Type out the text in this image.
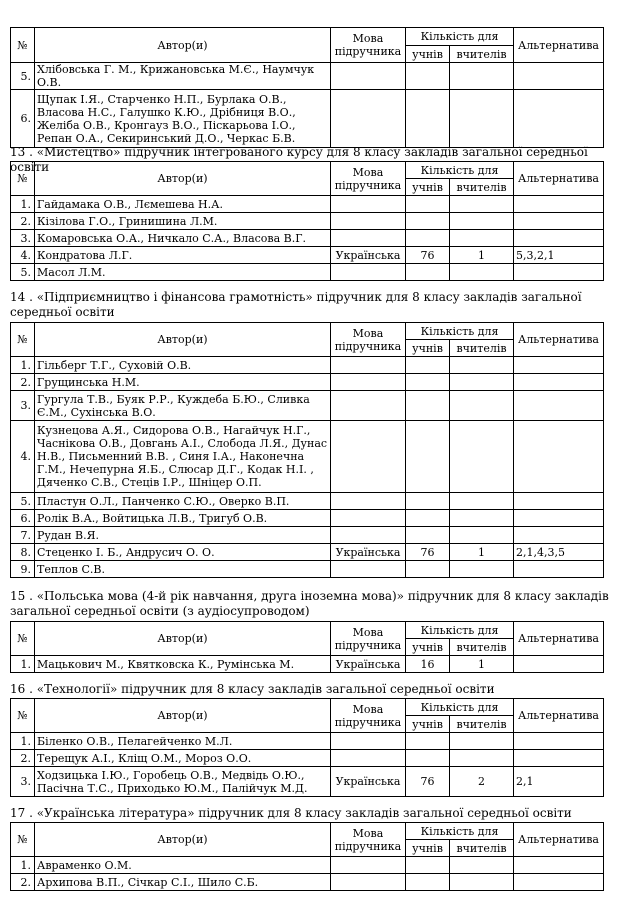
№	Автор(и)	Мова підручника	Кількість для		Альтернатива
			учнів	вчителів	
5.	Хлібовська Г. М., Крижановська М.Є., Наумчук О.В.				
6.	Щупак І.Я., Старченко Н.П., Бурлака О.В., Власова Н.С., Галушко К.Ю., Дрібниця В.О., Желіба О.В., Кронгауз В.О., Піскарьова І.О., Репан О.А., Секиринський Д.О., Черкас Б.В.				
13 . «Мистецтво» підручник інтегрованого курсу для 8 класу закладів загальної середньої освіти
№	Автор(и)	Мова підручника	Кількість для		Альтернатива
			учнів	вчителів	
1.	Гайдамака О.В., Лємешева Н.А.				
2.	Кізілова Г.О., Гринишина Л.М.				
3.	Комаровська О.А., Ничкало С.А., Власова В.Г.				
4.	Кондратова Л.Г.	Українська	76	1	5,3,2,1
5.	Масол Л.М.				
14 . «Підприємництво і фінансова грамотність» підручник для 8 класу закладів загальної середньої освіти
№	Автор(и)	Мова підручника	Кількість для		Альтернатива
			учнів	вчителів	
1.	Гільберг Т.Г., Суховій О.В.				
2.	Грущинська Н.М.				
3.	Гургула Т.В., Буяк Р.Р., Куждеба Б.Ю., Сливка Є.М., Сухінська В.О.				
4.	Кузнецова А.Я., Сидорова О.В., Нагайчук Н.Г., Часнікова О.В., Довгань А.І., Слобода Л.Я., Дунас Н.В., Письменний В.В. , Синя І.А., Наконечна Г.М., Нечепурна Я.Б., Слюсар Д.Г., Кодак Н.І. , Дяченко С.В., Стеців І.Р., Шніцер О.П.				
5.	Пластун О.Л., Панченко С.Ю., Оверко В.П.				
6.	Ролік В.А., Войтицька Л.В., Тригуб О.В.				
7.	Рудан В.Я.				
8.	Стеценко І. Б., Андрусич О. О.	Українська	76	1	2,1,4,3,5
9.	Теплов С.В.				
15 . «Польська мова (4-й рік навчання, друга іноземна мова)» підручник для 8 класу закладів загальної середньої освіти (з аудіосупроводом)
№	Автор(и)	Мова підручника	Кількість для		Альтернатива
			учнів	вчителів	
1.	Мацькович М., Квятковска К., Румінська М.	Українська	16	1	
16 . «Технології» підручник для 8 класу закладів загальної середньої освіти
№	Автор(и)	Мова підручника	Кількість для		Альтернатива
			учнів	вчителів	
1.	Біленко О.В., Пелагейченко М.Л.				
2.	Терещук А.І., Кліщ О.М., Мороз О.О.				
3.	Ходзицька І.Ю., Горобець О.В., Медвідь О.Ю., Пасічна Т.С., Приходько Ю.М., Палійчук М.Д.	Українська	76	2	2,1
17 . «Українська література» підручник для 8 класу закладів загальної середньої освіти
№	Автор(и)	Мова підручника	Кількість для		Альтернатива
			учнів	вчителів	
1.	Авраменко О.М.				
2.	Архипова В.П., Січкар С.І., Шило С.Б.				
